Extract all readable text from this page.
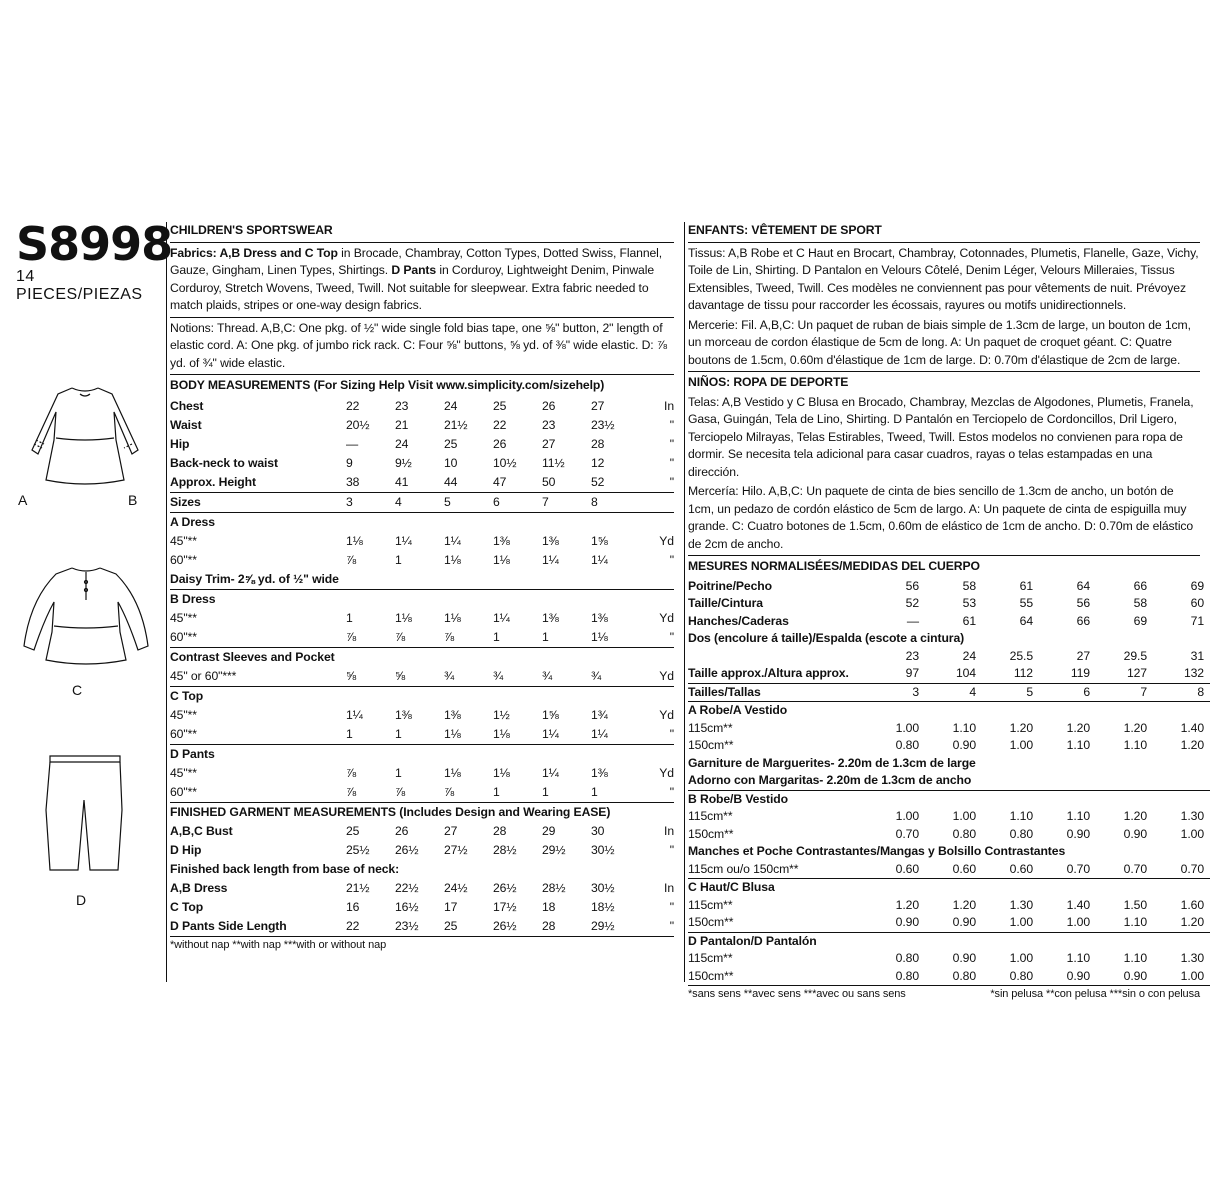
S8998
14 PIECES/PIEZAS
A	B
C
D
CHILDREN'S SPORTSWEAR
Fabrics: A,B Dress and C Top in Brocade, Chambray, Cotton Types, Dotted Swiss, Flannel, Gauze, Gingham, Linen Types, Shirtings. D Pants in Corduroy, Lightweight Denim, Pinwale Corduroy, Stretch Wovens, Tweed, Twill. Not suitable for sleepwear. Extra fabric needed to match plaids, stripes or one-way design fabrics.
Notions: Thread. A,B,C: One pkg. of ½" wide single fold bias tape, one ⅝" button, 2" length of elastic cord. A: One pkg. of jumbo rick rack. C: Four ⅝" buttons, ⅝ yd. of ⅜" wide elastic. D: ⅞ yd. of ¾" wide elastic.
BODY MEASUREMENTS (For Sizing Help Visit www.simplicity.com/sizehelp)
Chest	22	23	24	25	26	27	In
Waist	20½	21	21½	22	23	23½	"
Hip	—	24	25	26	27	28	"
Back-neck to waist	9	9½	10	10½	11½	12	"
Approx. Height	38	41	44	47	50	52	"
Sizes	3	4	5	6	7	8	
A Dress							
45"**	1⅛	1¼	1¼	1⅜	1⅜	1⅝	Yd
60"**	⅞	1	1⅛	1⅛	1¼	1¼	"
Daisy Trim- 2⅝ yd. of ½" wide							
B Dress							
45"**	1	1⅛	1⅛	1¼	1⅜	1⅜	Yd
60"**	⅞	⅞	⅞	1	1	1⅛	"
Contrast Sleeves and Pocket							
45" or 60"***	⅝	⅝	¾	¾	¾	¾	Yd
C Top							
45"**	1¼	1⅜	1⅜	1½	1⅝	1¾	Yd
60"**	1	1	1⅛	1⅛	1¼	1¼	"
D Pants							
45"**	⅞	1	1⅛	1⅛	1¼	1⅜	Yd
60"**	⅞	⅞	⅞	1	1	1	"
FINISHED GARMENT MEASUREMENTS (Includes Design and Wearing EASE)							
A,B,C Bust	25	26	27	28	29	30	In
D Hip	25½	26½	27½	28½	29½	30½	"
Finished back length from base of neck:							
A,B Dress	21½	22½	24½	26½	28½	30½	In
C Top	16	16½	17	17½	18	18½	"
D Pants Side Length	22	23½	25	26½	28	29½	"
*without nap **with nap ***with or without nap
ENFANTS: VÊTEMENT DE SPORT
Tissus: A,B Robe et C Haut en Brocart, Chambray, Cotonnades, Plumetis, Flanelle, Gaze, Vichy, Toile de Lin, Shirting. D Pantalon en Velours Côtelé, Denim Léger, Velours Milleraies, Tissus Extensibles, Tweed, Twill. Ces modèles ne conviennent pas pour vêtements de nuit. Prévoyez davantage de tissu pour raccorder les écossais, rayures ou motifs unidirectionnels.
Mercerie: Fil. A,B,C: Un paquet de ruban de biais simple de 1.3cm de large, un bouton de 1cm, un morceau de cordon élastique de 5cm de long. A: Un paquet de croquet géant. C: Quatre boutons de 1.5cm, 0.60m d'élastique de 1cm de large. D: 0.70m d'élastique de 2cm de large.
NIÑOS: ROPA DE DEPORTE
Telas: A,B Vestido y C Blusa en Brocado, Chambray, Mezclas de Algodones, Plumetis, Franela, Gasa, Guingán, Tela de Lino, Shirting. D Pantalón en Terciopelo de Cordoncillos, Dril Ligero, Terciopelo Milrayas, Telas Estirables, Tweed, Twill. Estos modelos no convienen para ropa de dormir. Se necesita tela adicional para casar cuadros, rayas o telas estampadas en una dirección.
Mercería: Hilo. A,B,C: Un paquete de cinta de bies sencillo de 1.3cm de ancho, un botón de 1cm, un pedazo de cordón elástico de 5cm de largo. A: Un paquete de cinta de espiguilla muy grande. C: Cuatro botones de 1.5cm, 0.60m de elástico de 1cm de ancho. D: 0.70m de elástico de 2cm de ancho.
MESURES NORMALISÉES/MEDIDAS DEL CUERPO
Poitrine/Pecho	56	58	61	64	66	69	
Taille/Cintura	52	53	55	56	58	60	
Hanches/Caderas	—	61	64	66	69	71	
Dos (encolure á taille)/Espalda (escote a cintura)							
	23	24	25.5	27	29.5	31	
Taille approx./Altura approx.	97	104	112	119	127	132	
Tailles/Tallas	3	4	5	6	7	8	
A Robe/A Vestido							
115cm**	1.00	1.10	1.20	1.20	1.20	1.40	
150cm**	0.80	0.90	1.00	1.10	1.10	1.20	
Garniture de Marguerites- 2.20m de 1.3cm de large							
Adorno con Margaritas- 2.20m de 1.3cm de ancho							
B Robe/B Vestido							
115cm**	1.00	1.00	1.10	1.10	1.20	1.30	
150cm**	0.70	0.80	0.80	0.90	0.90	1.00	
Manches et Poche Contrastantes/Mangas y Bolsillo Contrastantes							
115cm ou/o 150cm**	0.60	0.60	0.60	0.70	0.70	0.70	
C Haut/C Blusa							
115cm**	1.20	1.20	1.30	1.40	1.50	1.60	
150cm**	0.90	0.90	1.00	1.00	1.10	1.20	
D Pantalon/D Pantalón							
115cm**	0.80	0.90	1.00	1.10	1.10	1.30	
150cm**	0.80	0.80	0.80	0.90	0.90	1.00	
*sans sens **avec sens ***avec ou sans sens	*sin pelusa **con pelusa ***sin o con pelusa
